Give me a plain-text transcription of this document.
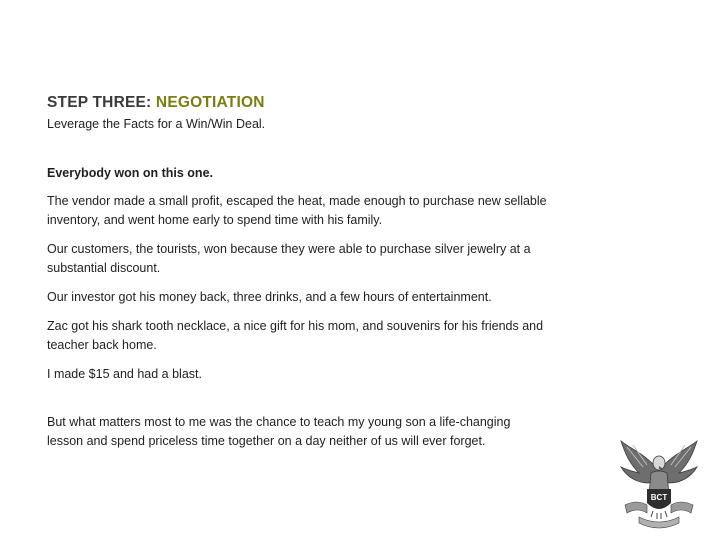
STEP THREE: NEGOTIATION
Leverage the Facts for a Win/Win Deal.
Everybody won on this one.
The vendor made a small profit, escaped the heat, made enough to purchase new sellable inventory, and went home early to spend time with his family.
Our customers, the tourists, won because they were able to purchase silver jewelry at a substantial discount.
Our investor got his money back, three drinks, and a few hours of entertainment.
Zac got his shark tooth necklace, a nice gift for his mom, and souvenirs for his friends and teacher back home.
I made $15 and had a blast.
But what matters most to me was the chance to teach my young son a life-changing lesson and spend priceless time together on a day neither of us will ever forget.
BCT
